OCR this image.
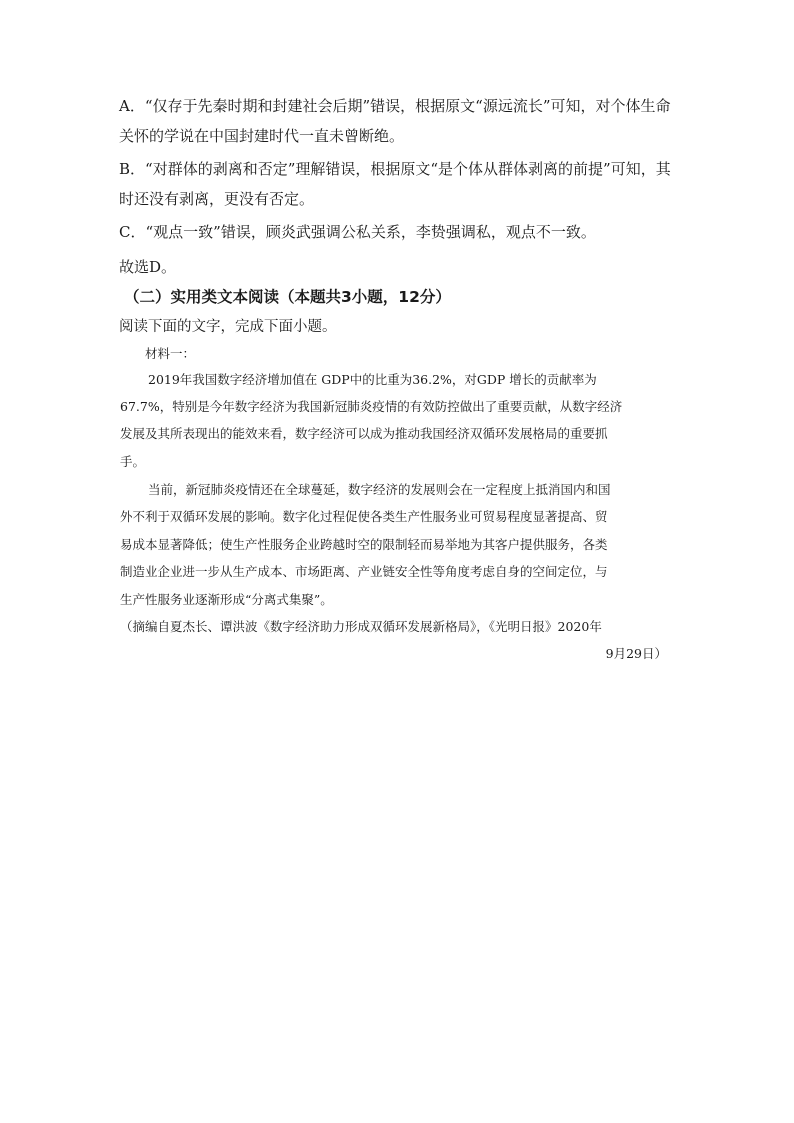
A．“仅存于先秦时期和封建社会后期”错误，根据原文“源远流长”可知，对个体生命
关怀的学说在中国封建时代一直未曾断绝。
B．“对群体的剥离和否定”理解错误，根据原文“是个体从群体剥离的前提”可知，其
时还没有剥离，更没有否定。
C．“观点一致”错误，顾炎武强调公私关系，李贽强调私，观点不一致。
故选D。
（二）实用类文本阅读（本题共3小题，12分）
阅读下面的文字，完成下面小题。
材料一：
2019年我国数字经济增加值在 GDP中的比重为36.2%，对GDP 增长的贡献率为
67.7%，特别是今年数字经济为我国新冠肺炎疫情的有效防控做出了重要贡献，从数字经济
发展及其所表现出的能效来看，数字经济可以成为推动我国经济双循环发展格局的重要抓
手。
当前，新冠肺炎疫情还在全球蔓延，数字经济的发展则会在一定程度上抵消国内和国
外不利于双循环发展的影响。数字化过程促使各类生产性服务业可贸易程度显著提高、贸
易成本显著降低；使生产性服务企业跨越时空的限制轻而易举地为其客户提供服务，各类
制造业企业进一步从生产成本、市场距离、产业链安全性等角度考虑自身的空间定位，与
生产性服务业逐渐形成“分离式集聚”。
（摘编自夏杰长、谭洪波《数字经济助力形成双循环发展新格局》，《光明日报》2020年
9月29日）
